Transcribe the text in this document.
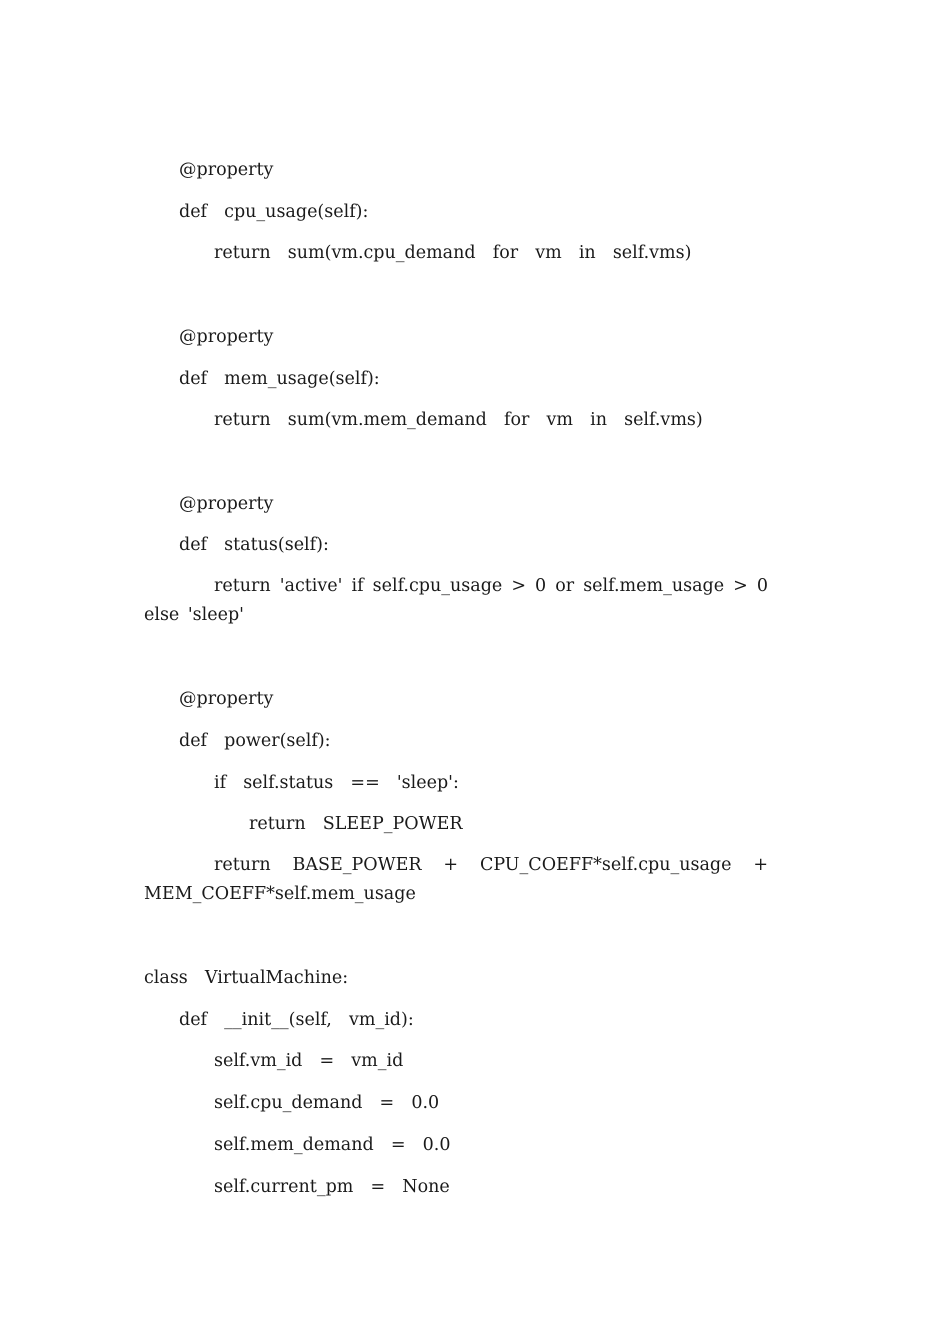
@property

def  cpu_usage(self):

return  sum(vm.cpu_demand  for  vm  in  self.vms)

@property

def  mem_usage(self):

return  sum(vm.mem_demand  for  vm  in  self.vms)

@property

def  status(self):

return 'active' if self.cpu_usage > 0 or self.mem_usage > 0 else 'sleep'

@property

def  power(self):

if  self.status  ==  'sleep':

return  SLEEP_POWER

return BASE_POWER + CPU_COEFF*self.cpu_usage + MEM_COEFF*self.mem_usage

class  VirtualMachine:

def  __init__(self,  vm_id):

self.vm_id  =  vm_id

self.cpu_demand  =  0.0

self.mem_demand  =  0.0

self.current_pm  =  None
